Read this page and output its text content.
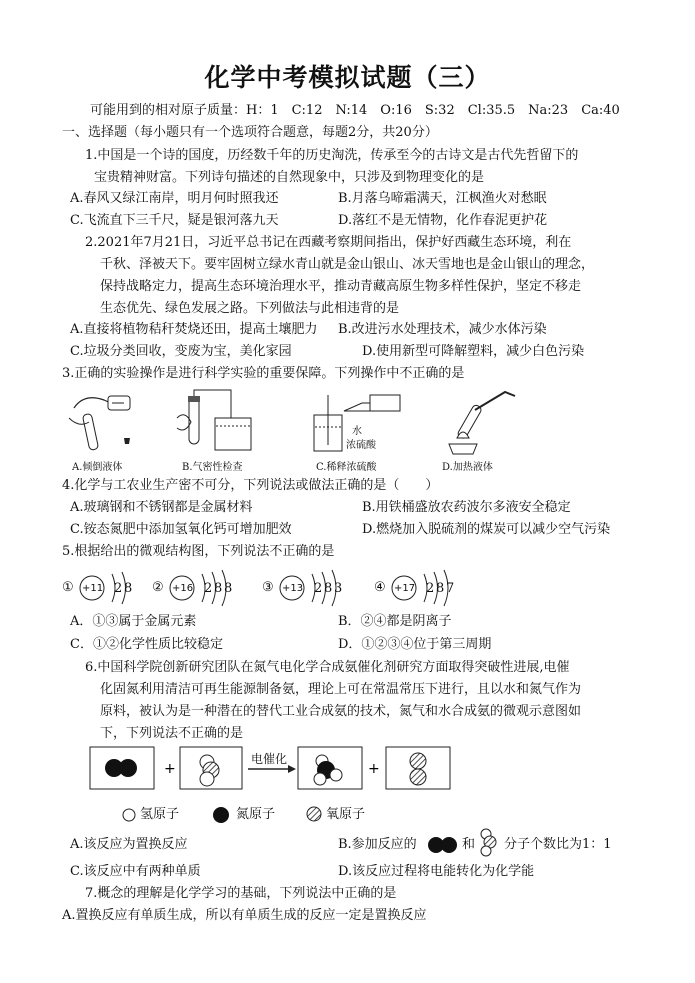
化学中考模拟试题（三）
可能用到的相对原子质量：H：1　C:12　N:14　O:16　S:32　Cl:35.5　Na:23　Ca:40
一、选择题（每小题只有一个选项符合题意，每题2分，共20分）
1.中国是一个诗的国度，历经数千年的历史淘洗，传承至今的古诗文是古代先哲留下的
宝贵精神财富。下列诗句描述的自然现象中，只涉及到物理变化的是
A.春风又绿江南岸，明月何时照我还	B.月落乌啼霜满天，江枫渔火对愁眠
C.飞流直下三千尺，疑是银河落九天	D.落红不是无情物，化作春泥更护花
2.2021年7月21日，习近平总书记在西藏考察期间指出，保护好西藏生态环境，利在
千秋、泽被天下。要牢固树立绿水青山就是金山银山、冰天雪地也是金山银山的理念，
保持战略定力，提高生态环境治理水平，推动青藏高原生物多样性保护，坚定不移走
生态优先、绿色发展之路。下列做法与此相违背的是
A.直接将植物秸秆焚烧还田，提高土壤肥力 B.改进污水处理技术，减少水体污染
C.垃圾分类回收，变废为宝，美化家园	D.使用新型可降解塑料，减少白色污染
3.正确的实验操作是进行科学实验的重要保障。下列操作中不正确的是
水
浓硫酸
A.倾倒液体	B.气密性检查	C.稀释浓硫酸	D.加热液体
4.化学与工农业生产密不可分，下列说法或做法正确的是（　　）
A.玻璃钢和不锈钢都是金属材料	B.用铁桶盛放农药波尔多液安全稳定
C.铵态氮肥中添加氢氧化钙可增加肥效	D.燃烧加入脱硫剂的煤炭可以减少空气污染
5.根据给出的微观结构图，下列说法不正确的是
① +11 2 8 ② +16 2 8 8 ③ +13 2 8 3 ④ +17 2 8 7
A．①③属于金属元素	B．②④都是阴离子
C．①②化学性质比较稳定	D．①②③④位于第三周期
6.中国科学院创新研究团队在氮气电化学合成氨催化剂研究方面取得突破性进展,电催
化固氮利用清洁可再生能源制备氨，理论上可在常温常压下进行，且以水和氮气作为
原料，被认为是一种潜在的替代工业合成氨的技术，氮气和水合成氨的微观示意图如
下，下列说法不正确的是
+	+
电催化
氢原子	氮原子	氧原子
A.该反应为置换反应	B.参加反应的	和 分子个数比为1：1
C.该反应中有两种单质	D.该反应过程将电能转化为化学能
7.概念的理解是化学学习的基础，下列说法中正确的是
A.置换反应有单质生成，所以有单质生成的反应一定是置换反应
